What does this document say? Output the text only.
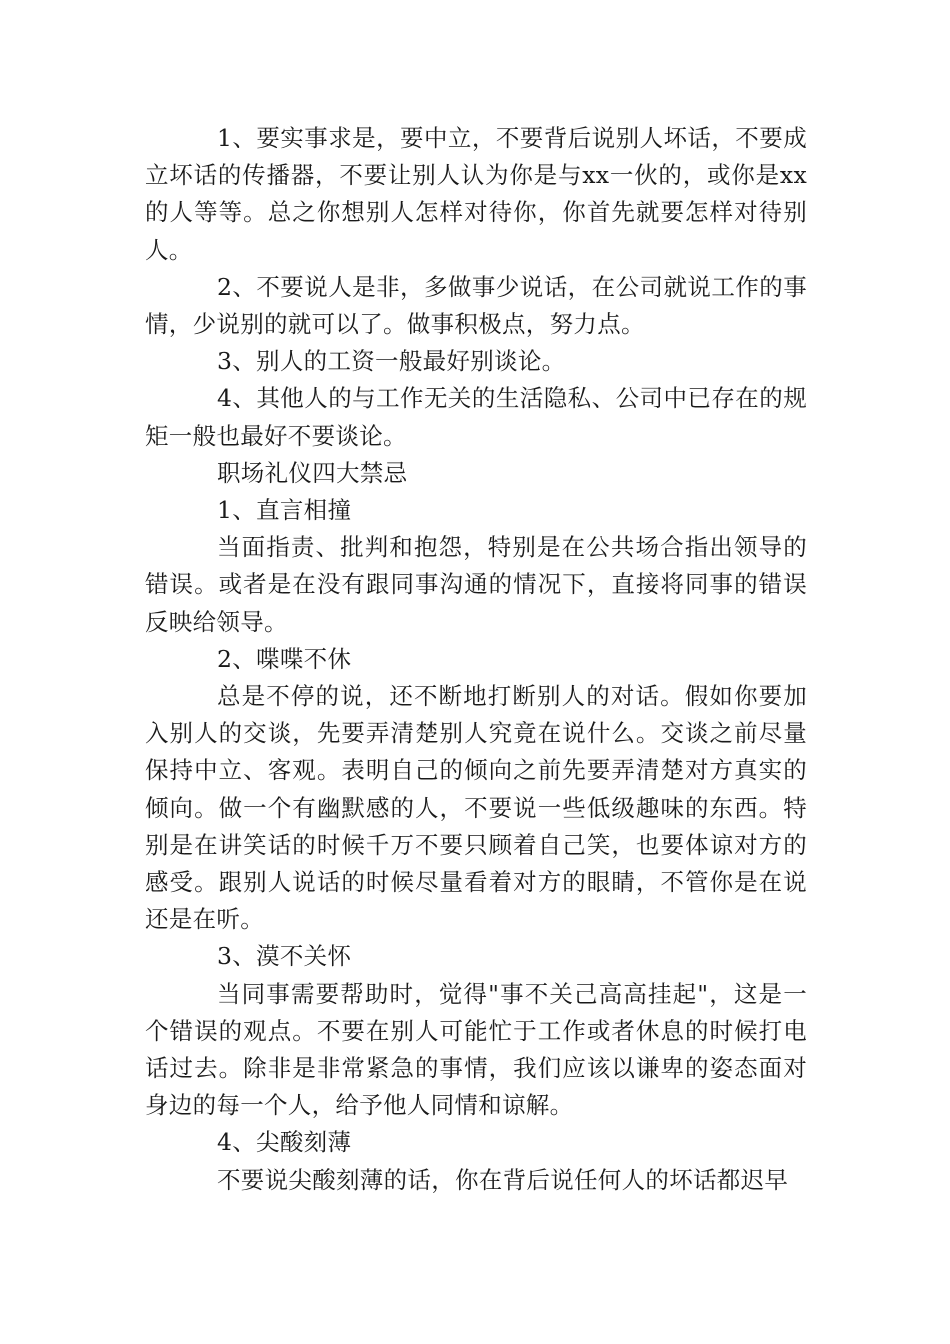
1、要实事求是，要中立，不要背后说别人坏话，不要成立坏话的传播器，不要让别人认为你是与xx一伙的，或你是xx的人等等。总之你想别人怎样对待你，你首先就要怎样对待别人。

2、不要说人是非，多做事少说话，在公司就说工作的事情，少说别的就可以了。做事积极点，努力点。

3、别人的工资一般最好别谈论。

4、其他人的与工作无关的生活隐私、公司中已存在的规矩一般也最好不要谈论。

职场礼仪四大禁忌

1、直言相撞

当面指责、批判和抱怨，特别是在公共场合指出领导的错误。或者是在没有跟同事沟通的情况下，直接将同事的错误反映给领导。

2、喋喋不休

总是不停的说，还不断地打断别人的对话。假如你要加入别人的交谈，先要弄清楚别人究竟在说什么。交谈之前尽量保持中立、客观。表明自己的倾向之前先要弄清楚对方真实的倾向。做一个有幽默感的人，不要说一些低级趣味的东西。特别是在讲笑话的时候千万不要只顾着自己笑，也要体谅对方的感受。跟别人说话的时候尽量看着对方的眼睛，不管你是在说还是在听。

3、漠不关怀

当同事需要帮助时，觉得"事不关己高高挂起"，这是一个错误的观点。不要在别人可能忙于工作或者休息的时候打电话过去。除非是非常紧急的事情，我们应该以谦卑的姿态面对身边的每一个人，给予他人同情和谅解。

4、尖酸刻薄

不要说尖酸刻薄的话，你在背后说任何人的坏话都迟早
